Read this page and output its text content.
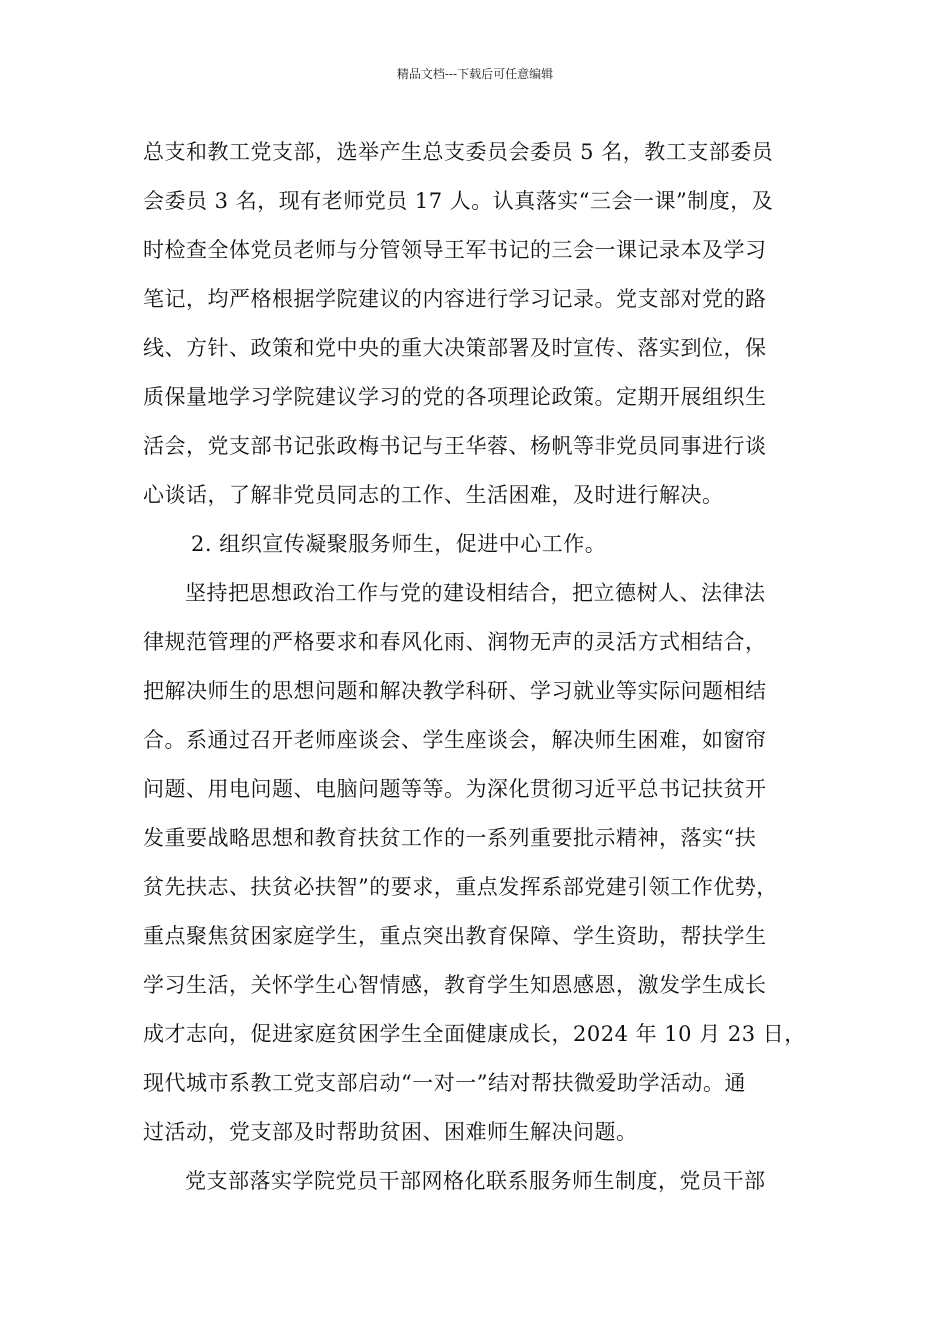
精品文档---下载后可任意编辑
总支和教工党支部，选举产生总支委员会委员 5 名，教工支部委员
会委员 3 名，现有老师党员 17 人。认真落实“三会一课”制度，及
时检查全体党员老师与分管领导王军书记的三会一课记录本及学习
笔记，均严格根据学院建议的内容进行学习记录。党支部对党的路
线、方针、政策和党中央的重大决策部署及时宣传、落实到位，保
质保量地学习学院建议学习的党的各项理论政策。定期开展组织生
活会，党支部书记张政梅书记与王华蓉、杨帆等非党员同事进行谈
心谈话，了解非党员同志的工作、生活困难，及时进行解决。
2. 组织宣传凝聚服务师生，促进中心工作。
坚持把思想政治工作与党的建设相结合，把立德树人、法律法
律规范管理的严格要求和春风化雨、润物无声的灵活方式相结合，
把解决师生的思想问题和解决教学科研、学习就业等实际问题相结
合。系通过召开老师座谈会、学生座谈会，解决师生困难，如窗帘
问题、用电问题、电脑问题等等。为深化贯彻习近平总书记扶贫开
发重要战略思想和教育扶贫工作的一系列重要批示精神，落实“扶
贫先扶志、扶贫必扶智”的要求，重点发挥系部党建引领工作优势，
重点聚焦贫困家庭学生，重点突出教育保障、学生资助，帮扶学生
学习生活，关怀学生心智情感，教育学生知恩感恩，激发学生成长
成才志向，促进家庭贫困学生全面健康成长，2024 年 10 月 23 日，
现代城市系教工党支部启动“一对一”结对帮扶微爱助学活动。通
过活动，党支部及时帮助贫困、困难师生解决问题。
党支部落实学院党员干部网格化联系服务师生制度，党员干部
